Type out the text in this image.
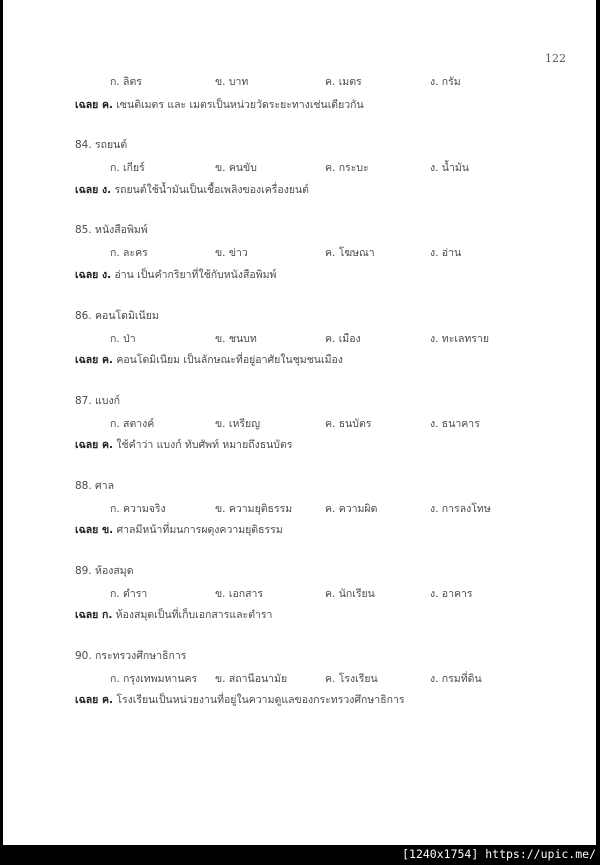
122
ก. ลิตร	ข. บาท	ค. เมตร	ง. กรัม
เฉลย ค. เซนติเมตร และ เมตรเป็นหน่วยวัดระยะทางเช่นเดียวกัน
84. รถยนต์
ก. เกียร์	ข. คนขับ	ค. กระบะ	ง. น้ำมัน
เฉลย ง. รถยนต์ใช้น้ำมันเป็นเชื้อเพลิงของเครื่องยนต์
85. หนังสือพิมพ์
ก. ละคร	ข. ข่าว	ค. โฆษณา	ง. อ่าน
เฉลย ง. อ่าน เป็นคำกริยาที่ใช้กับหนังสือพิมพ์
86. คอนโดมิเนียม
ก. ป่า	ข. ชนบท	ค. เมือง	ง. ทะเลทราย
เฉลย ค. คอนโดมิเนียม เป็นลักษณะที่อยู่อาศัยในชุมชนเมือง
87. แบงก์
ก. สตางค์	ข. เหรียญ	ค. ธนบัตร	ง. ธนาคาร
เฉลย ค. ใช้คำว่า แบงก์ ทับศัพท์ หมายถึงธนบัตร
88. ศาล
ก. ความจริง	ข. ความยุติธรรม	ค. ความผิด	ง. การลงโทษ
เฉลย ข. ศาลมีหน้าที่มนการผดุงความยุติธรรม
89. ห้องสมุด
ก. ตำรา	ข. เอกสาร	ค. นักเรียน	ง. อาคาร
เฉลย ก. ห้องสมุดเป็นที่เก็บเอกสารและตำรา
90. กระทรวงศึกษาธิการ
ก. กรุงเทพมหานคร ข. สถานีอนามัย	ค. โรงเรียน	ง. กรมที่ดิน
เฉลย ค. โรงเรียนเป็นหน่วยงานที่อยู่ในความดูแลของกระทรวงศึกษาธิการ
[1240x1754] https://upic.me/
